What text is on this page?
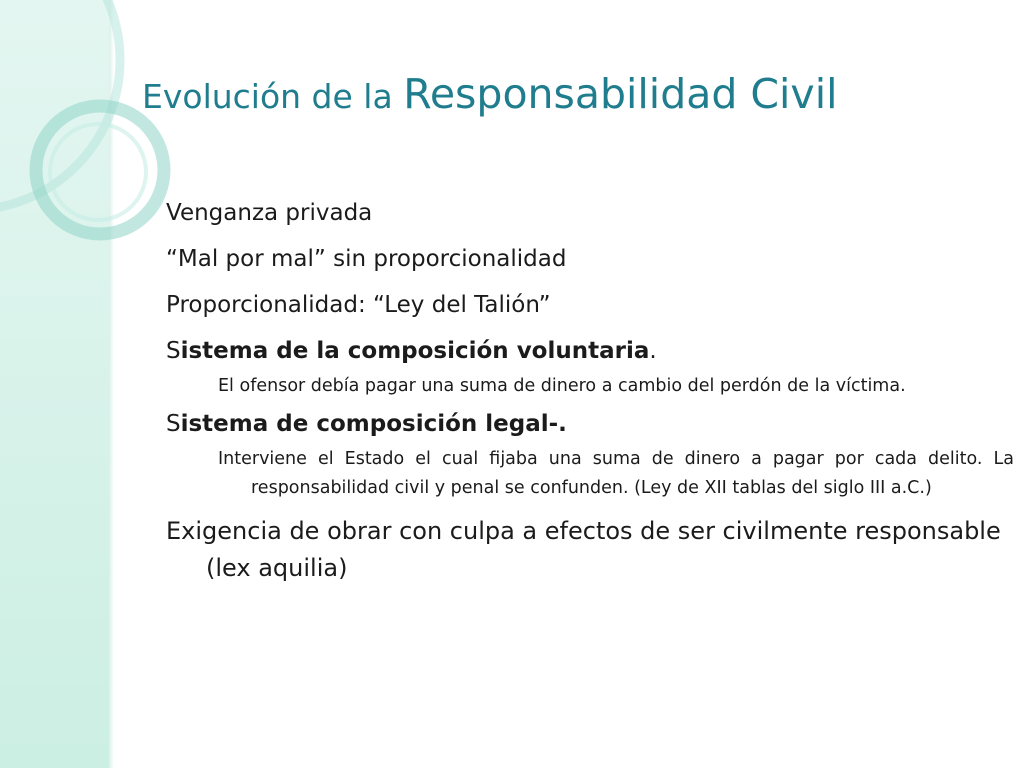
Evolución de la Responsabilidad Civil
Venganza privada
“Mal por mal” sin proporcionalidad
Proporcionalidad: “Ley del Talión”
Sistema de la composición voluntaria.
El ofensor debía pagar una suma de dinero a cambio del perdón de la víctima.
Sistema de composición legal-.
Interviene el Estado el cual fijaba una suma de dinero a pagar por cada delito. La responsabilidad civil y penal se confunden. (Ley de XII tablas del siglo III a.C.)
Exigencia de obrar con culpa a efectos de ser civilmente responsable (lex aquilia)
